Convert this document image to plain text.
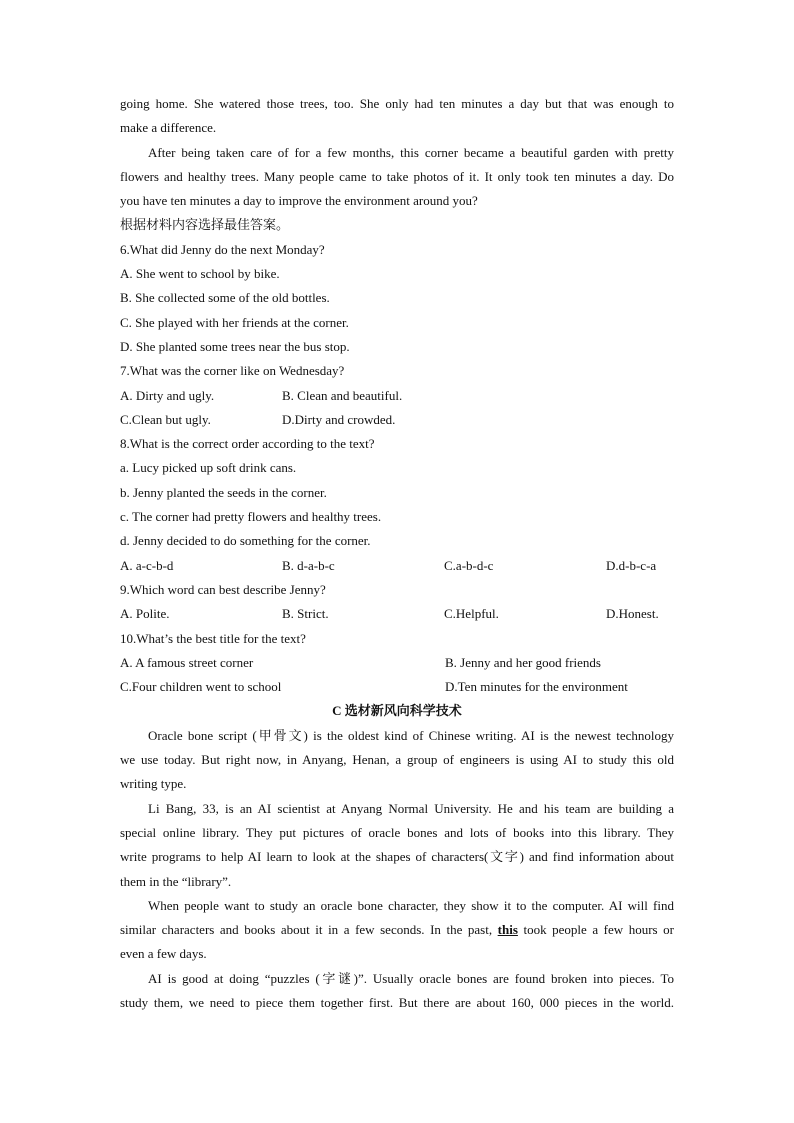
going home. She watered those trees, too. She only had ten minutes a day but that was enough to
make a difference.
After being taken care of for a few months, this corner became a beautiful garden with pretty
flowers and healthy trees. Many people came to take photos of it. It only took ten minutes a day. Do
you have ten minutes a day to improve the environment around you?
根据材料内容选择最佳答案。
6.What did Jenny do the next Monday?
A. She went to school by bike.
B. She collected some of the old bottles.
C. She played with her friends at the corner.
D. She planted some trees near the bus stop.
7.What was the corner like on Wednesday?
A. Dirty and ugly.	B. Clean and beautiful.
C.Clean but ugly.	D.Dirty and crowded.
8.What is the correct order according to the text?
a. Lucy picked up soft drink cans.
b. Jenny planted the seeds in the corner.
c. The corner had pretty flowers and healthy trees.
d. Jenny decided to do something for the corner.
A. a-c-b-d	B. d-a-b-c	C.a-b-d-c	D.d-b-c-a
9.Which word can best describe Jenny?
A. Polite.	B. Strict.	C.Helpful.	D.Honest.
10.What’s the best title for the text?
A. A famous street corner	B. Jenny and her good friends
C.Four children went to school	D.Ten minutes for the environment
C 选材新风向科学技术
Oracle bone script (甲骨文) is the oldest kind of Chinese writing. AI is the newest technology
we use today. But right now, in Anyang, Henan, a group of engineers is using AI to study this old
writing type.
Li Bang, 33, is an AI scientist at Anyang Normal University. He and his team are building a
special online library. They put pictures of oracle bones and lots of books into this library. They
write programs to help AI learn to look at the shapes of characters(文字) and find information about
them in the “library”.
When people want to study an oracle bone character, they show it to the computer. AI will find
similar characters and books about it in a few seconds. In the past, this took people a few hours or
even a few days.
AI is good at doing “puzzles (字谜)”. Usually oracle bones are found broken into pieces. To
study them, we need to piece them together first. But there are about 160, 000 pieces in the world.
